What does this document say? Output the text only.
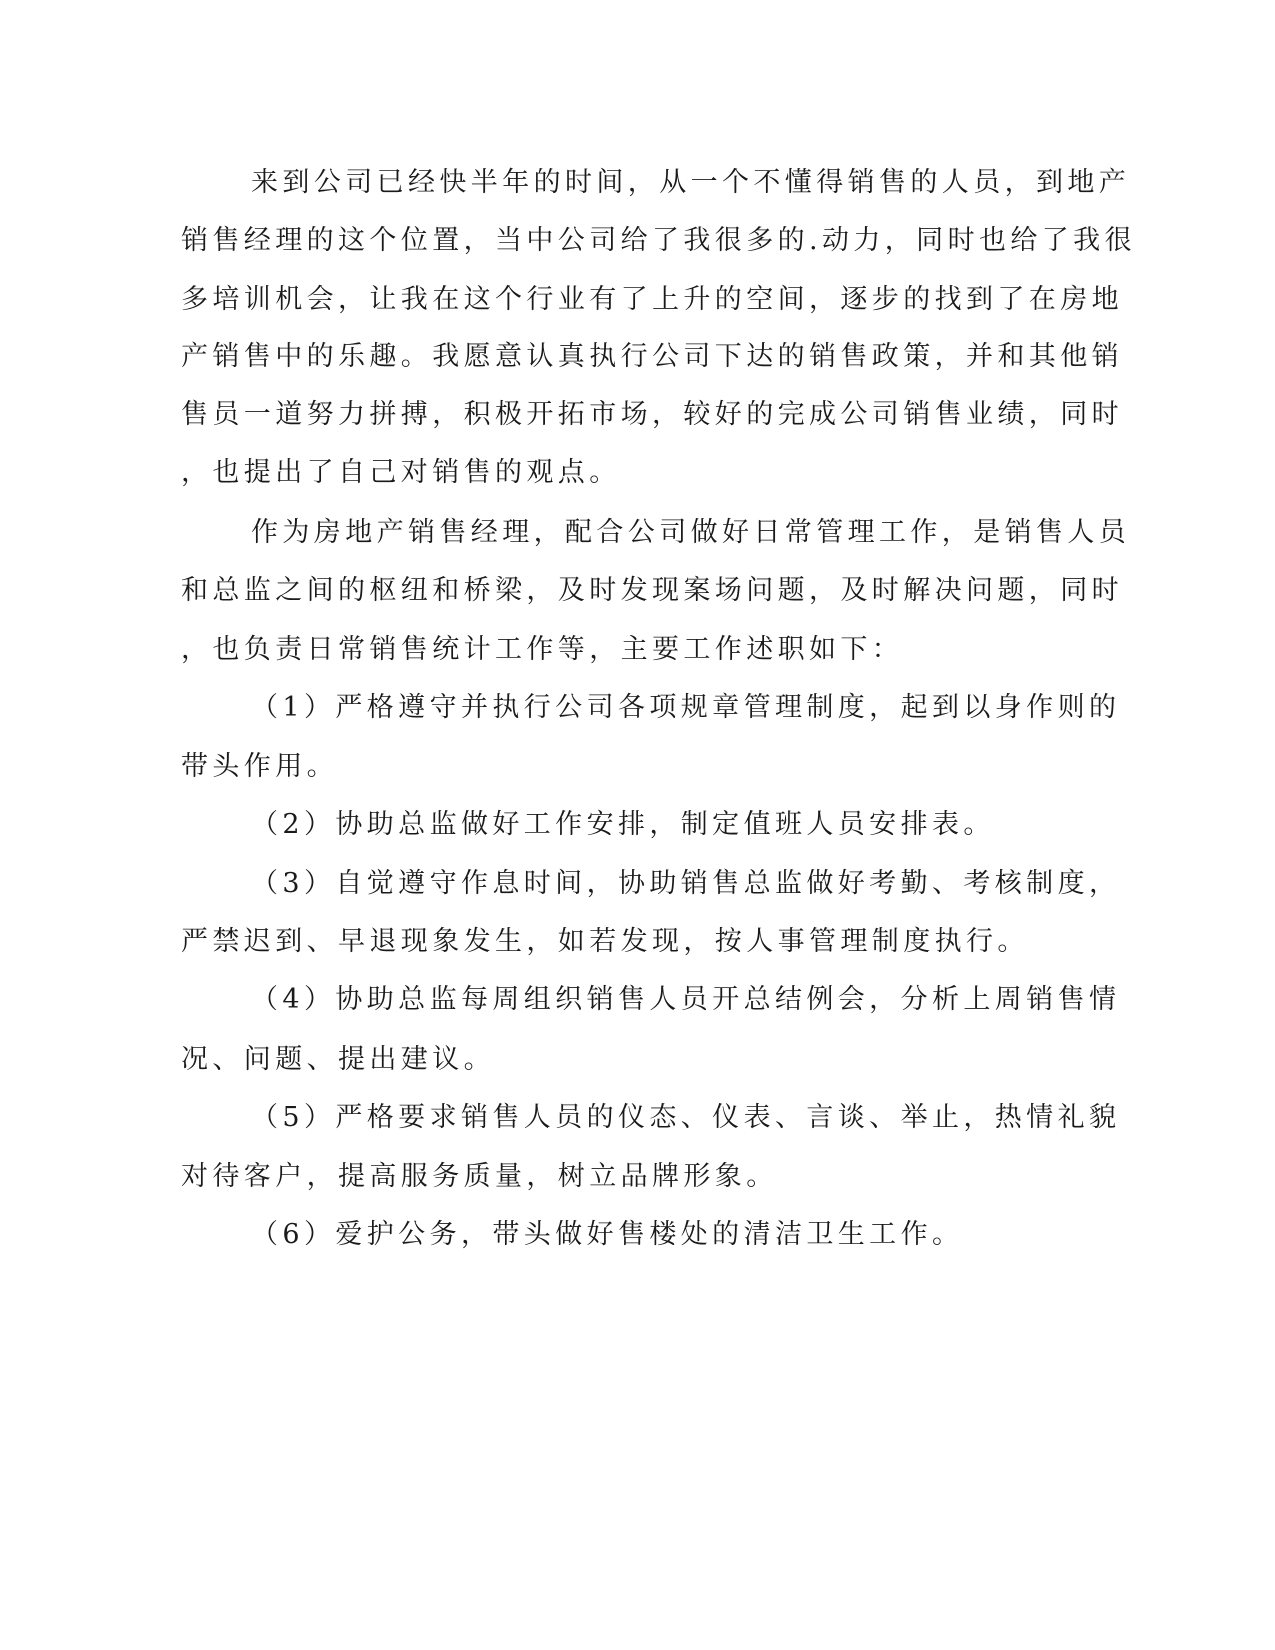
来到公司已经快半年的时间，从一个不懂得销售的人员，到地产
销售经理的这个位置，当中公司给了我很多的.动力，同时也给了我很
多培训机会，让我在这个行业有了上升的空间，逐步的找到了在房地
产销售中的乐趣。我愿意认真执行公司下达的销售政策，并和其他销
售员一道努力拼搏，积极开拓市场，较好的完成公司销售业绩，同时
，也提出了自己对销售的观点。
作为房地产销售经理，配合公司做好日常管理工作，是销售人员
和总监之间的枢纽和桥梁，及时发现案场问题，及时解决问题，同时
，也负责日常销售统计工作等，主要工作述职如下：
（1）严格遵守并执行公司各项规章管理制度，起到以身作则的
带头作用。
（2）协助总监做好工作安排，制定值班人员安排表。
（3）自觉遵守作息时间，协助销售总监做好考勤、考核制度，
严禁迟到、早退现象发生，如若发现，按人事管理制度执行。
（4）协助总监每周组织销售人员开总结例会，分析上周销售情
况、问题、提出建议。
（5）严格要求销售人员的仪态、仪表、言谈、举止，热情礼貌
对待客户，提高服务质量，树立品牌形象。
（6）爱护公务，带头做好售楼处的清洁卫生工作。
